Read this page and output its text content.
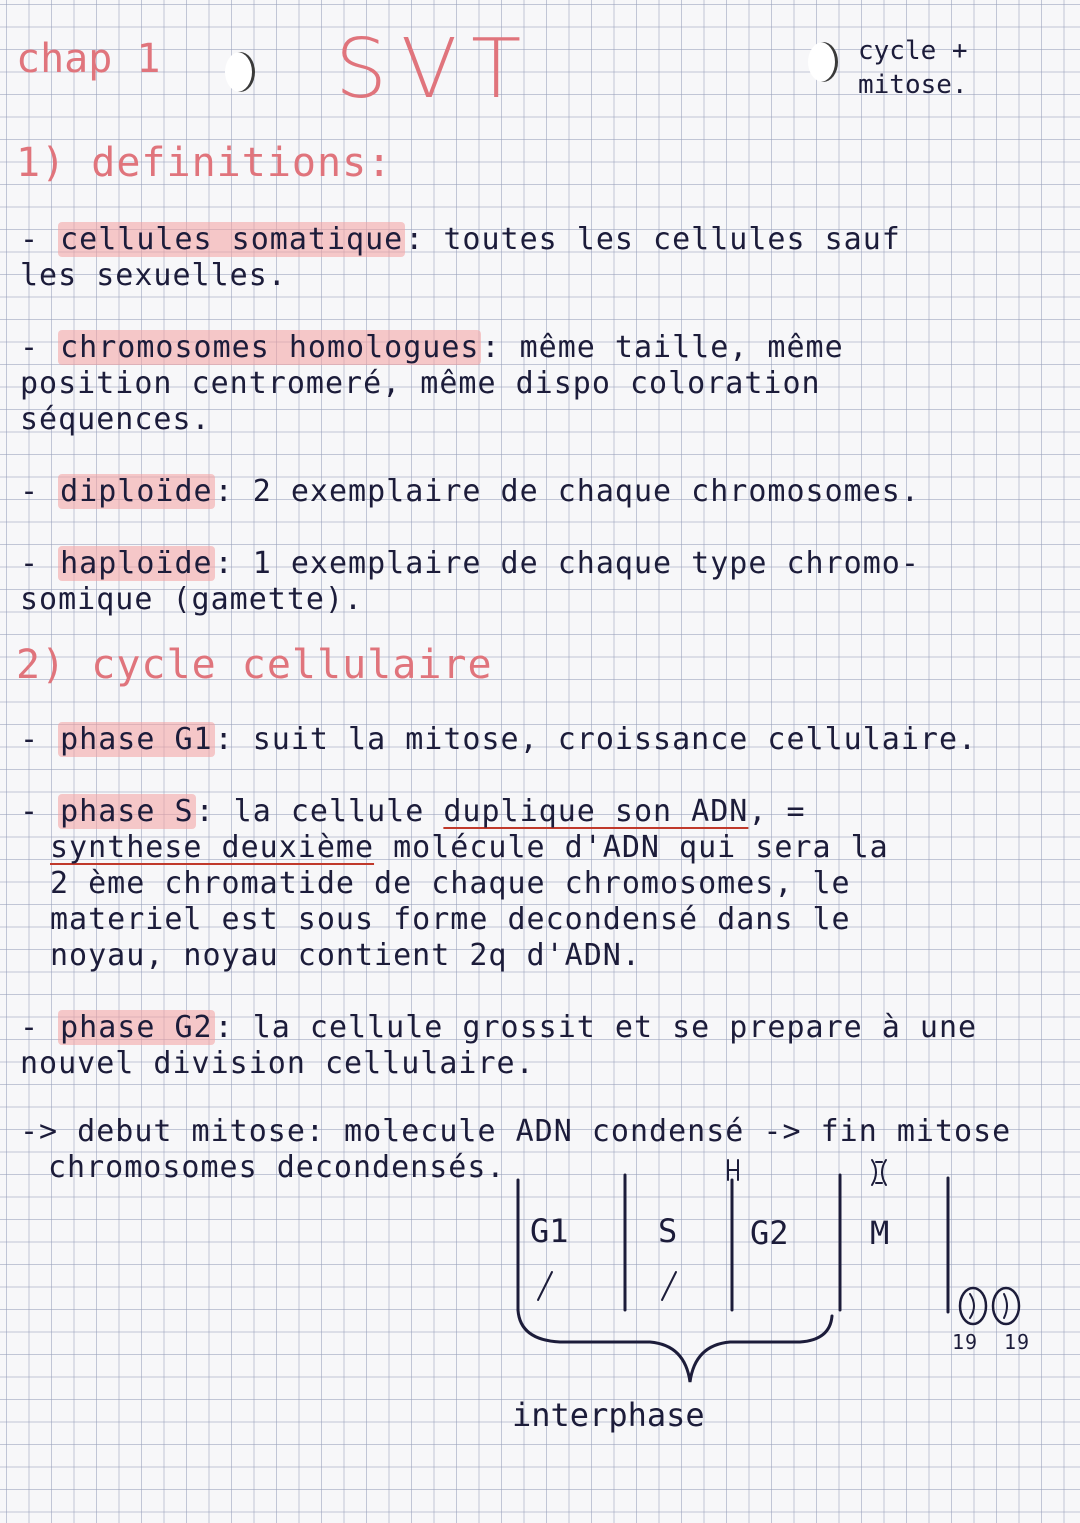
chap 1 SVT	cycle +
mitose.
1) definitions:
- cellules somatique: toutes les cellules sauf
les sexuelles.
- chromosomes homologues: même taille, même
position centromeré, même dispo coloration
séquences.
- diploïde: 2 exemplaire de chaque chromosomes.
- haploïde: 1 exemplaire de chaque type chromo-
somique (gamette).
2) cycle cellulaire
- phase G1: suit la mitose, croissance cellulaire.
- phase S: la cellule duplique son ADN, =
synthese deuxième molécule d'ADN qui sera la
2 ème chromatide de chaque chromosomes, le
materiel est sous forme decondensé dans le
noyau, noyau contient 2q d'ADN.
- phase G2: la cellule grossit et se prepare à une
nouvel division cellulaire.
-> debut mitose: molecule ADN condensé -> fin mitose
chromosomes decondensés.
G1	S G2	M
interphase
19 19
